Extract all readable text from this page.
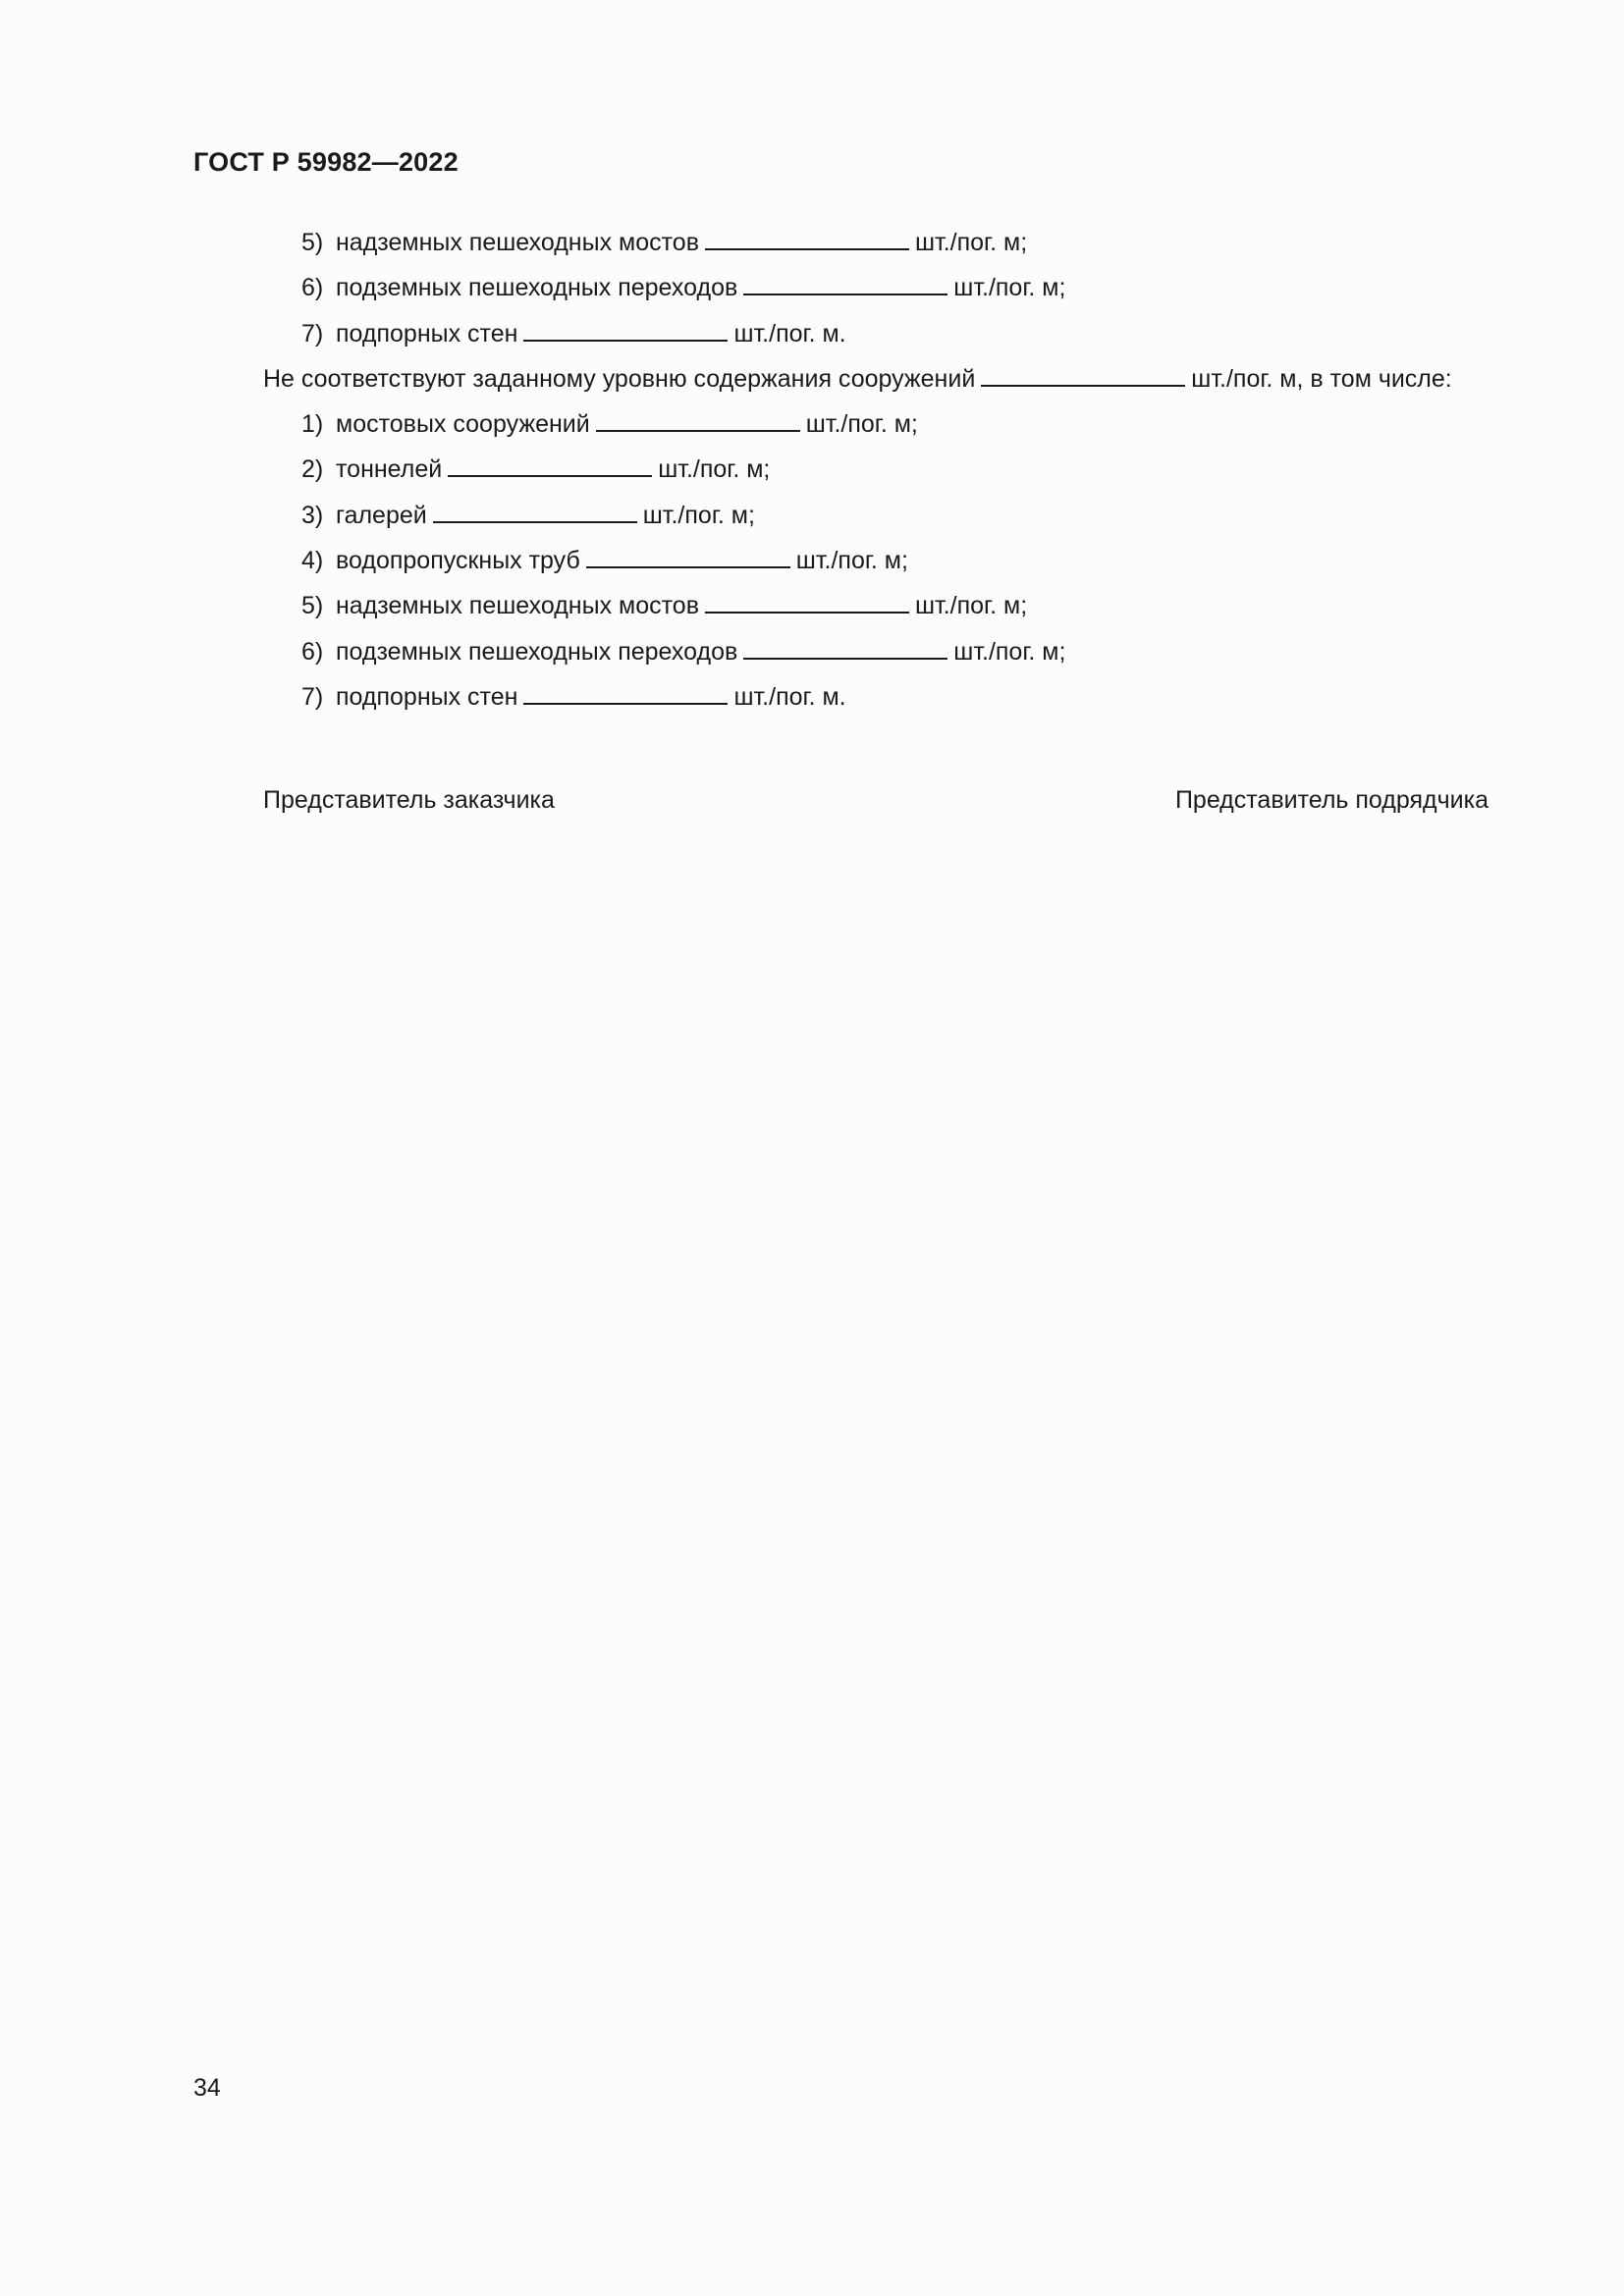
ГОСТ Р 59982—2022
5) надземных пешеходных мостов	шт./пог. м;
6) подземных пешеходных переходов	шт./пог. м;
7) подпорных стен	шт./пог. м.
Не соответствуют заданному уровню содержания сооружений	шт./пог. м, в том числе:
1) мостовых сооружений	шт./пог. м;
2) тоннелей	шт./пог. м;
3) галерей	шт./пог. м;
4) водопропускных труб	шт./пог. м;
5) надземных пешеходных мостов	шт./пог. м;
6) подземных пешеходных переходов	шт./пог. м;
7) подпорных стен	шт./пог. м.
Представитель заказчика	Представитель подрядчика
34
